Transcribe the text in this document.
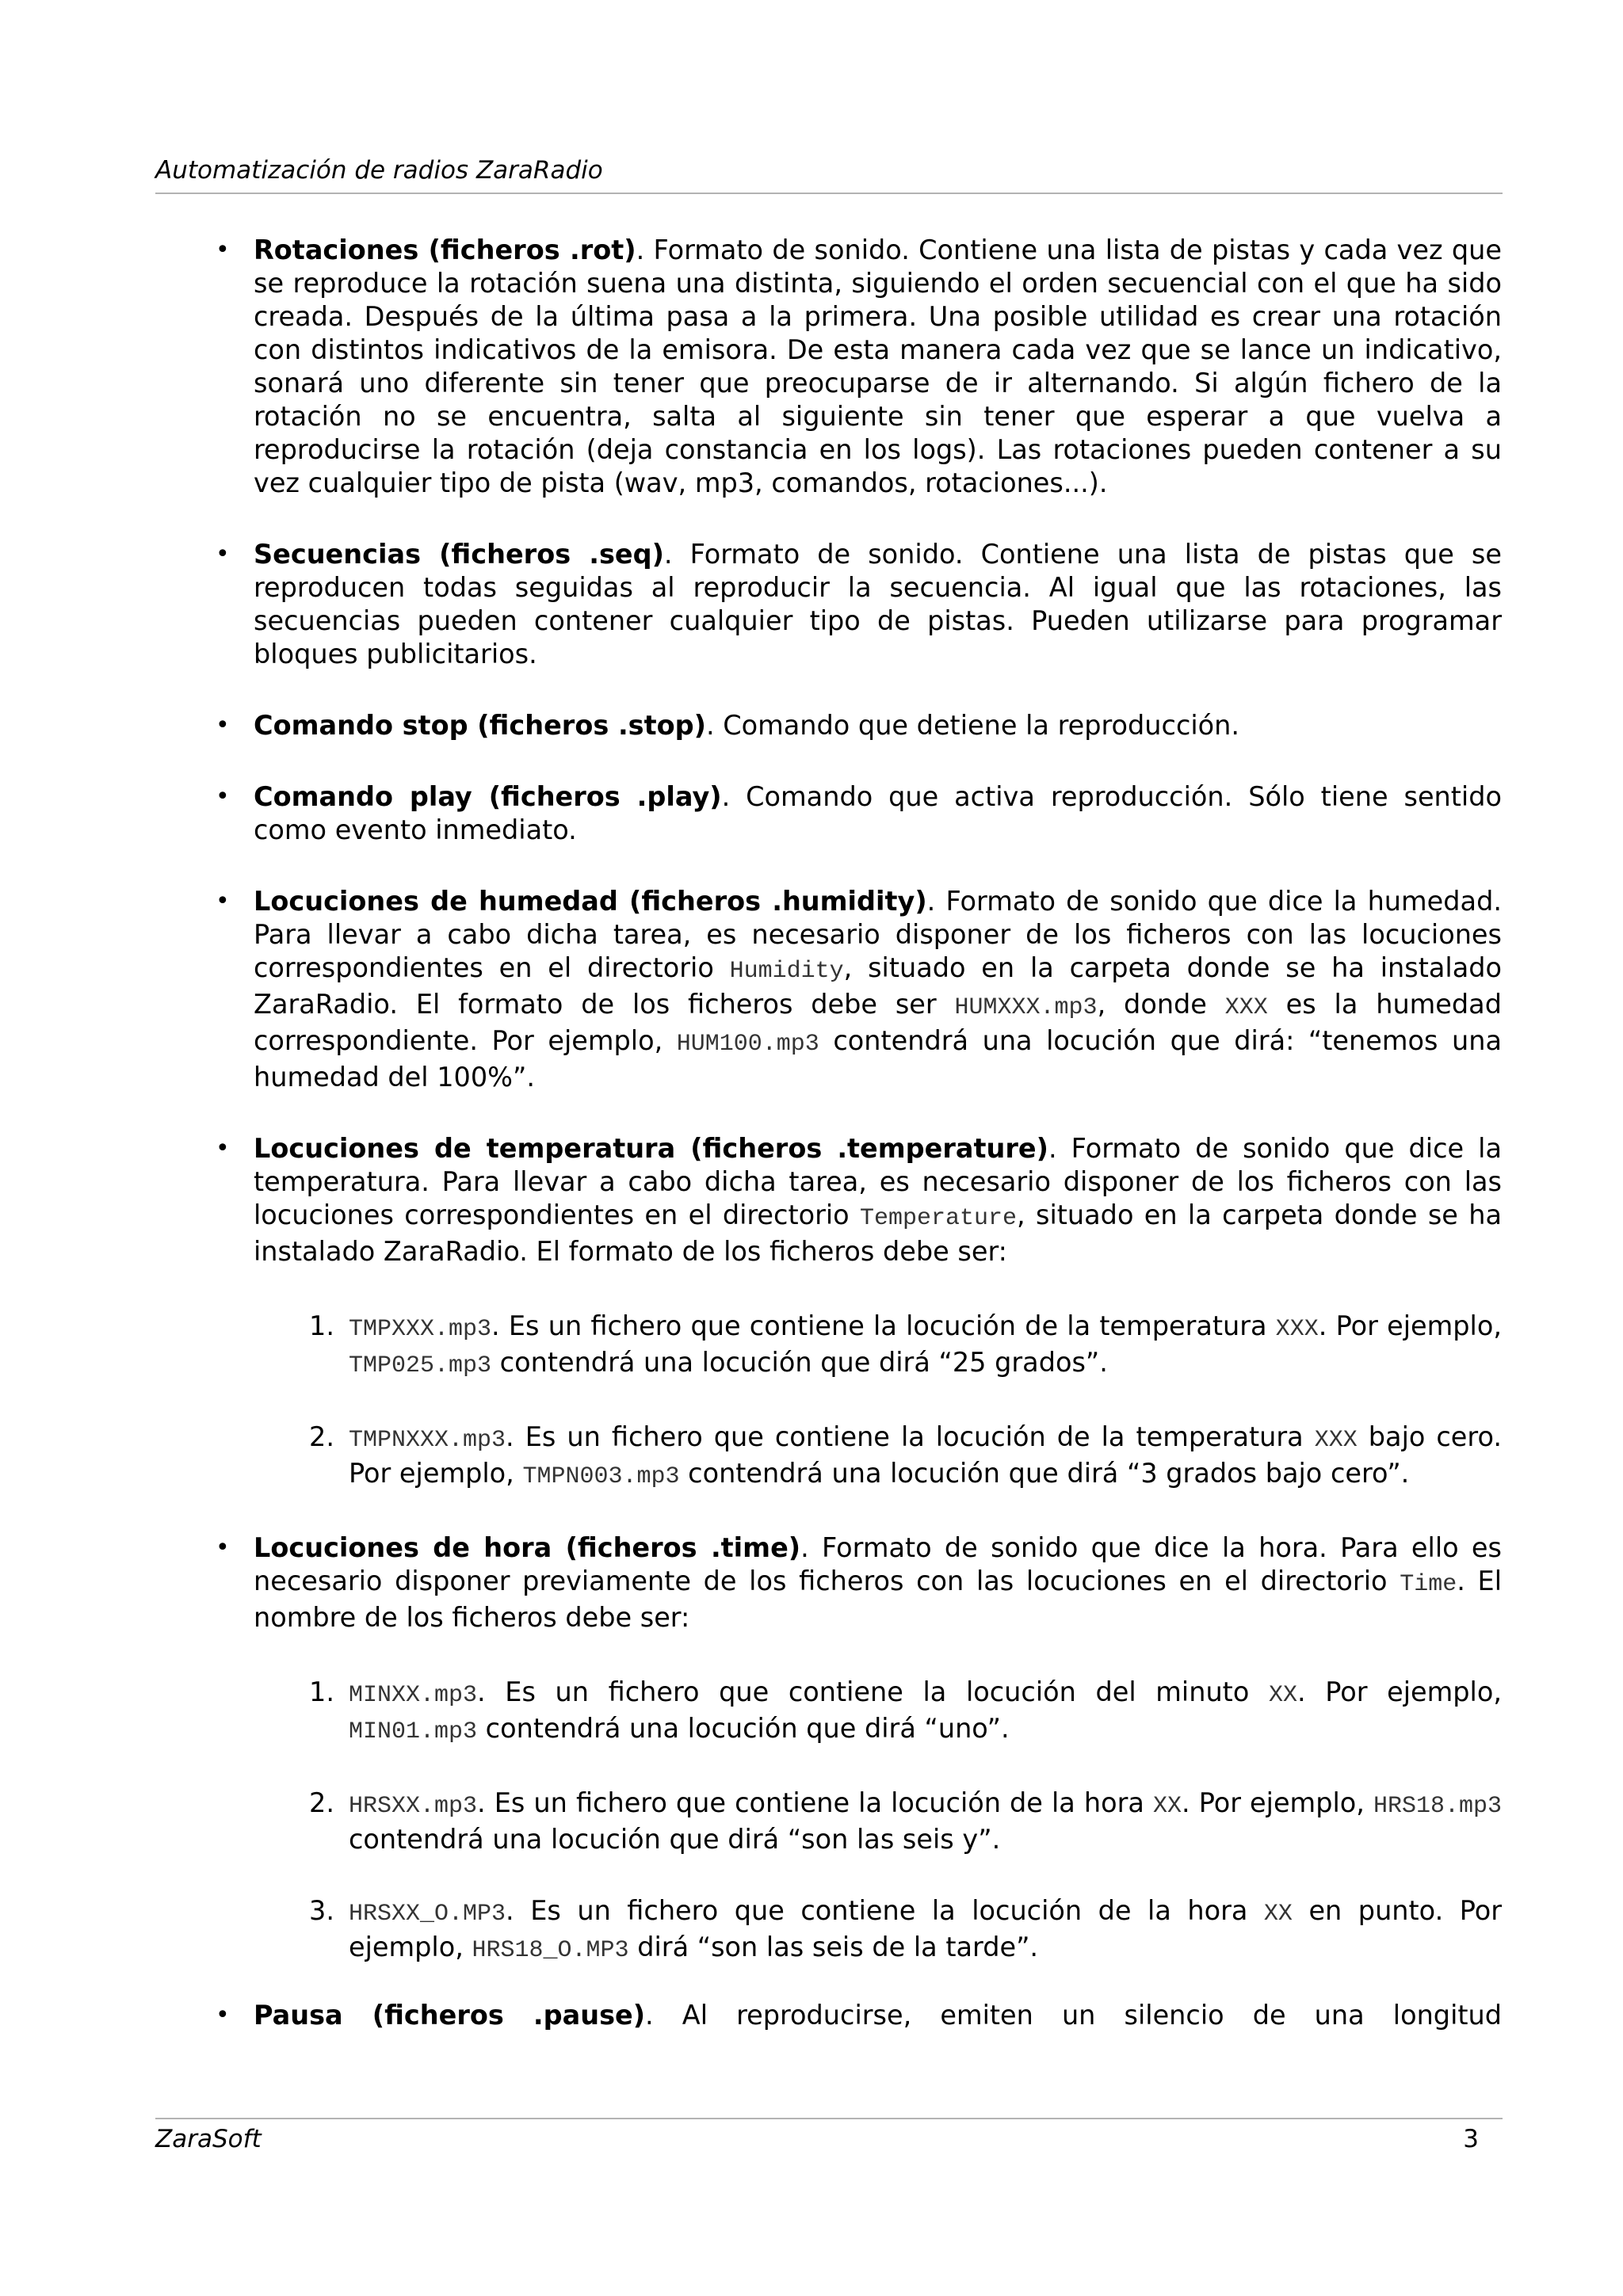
Automatización de radios ZaraRadio
• Rotaciones (ficheros .rot). Formato de sonido. Contiene una lista de pistas y cada vez que se reproduce la rotación suena una distinta, siguiendo el orden secuencial con el que ha sido creada. Después de la última pasa a la primera. Una posible utilidad es crear una rotación con distintos indicativos de la emisora. De esta manera cada vez que se lance un indicativo, sonará uno diferente sin tener que preocuparse de ir alternando. Si algún fichero de la rotación no se encuentra, salta al siguiente sin tener que esperar a que vuelva a reproducirse la rotación (deja constancia en los logs). Las rotaciones pueden contener a su vez cualquier tipo de pista (wav, mp3, comandos, rotaciones...).
• Secuencias (ficheros .seq). Formato de sonido. Contiene una lista de pistas que se reproducen todas seguidas al reproducir la secuencia. Al igual que las rotaciones, las secuencias pueden contener cualquier tipo de pistas. Pueden utilizarse para programar bloques publicitarios.
• Comando stop (ficheros .stop). Comando que detiene la reproducción.
• Comando play (ficheros .play). Comando que activa reproducción. Sólo tiene sentido como evento inmediato.
• Locuciones de humedad (ficheros .humidity). Formato de sonido que dice la humedad. Para llevar a cabo dicha tarea, es necesario disponer de los ficheros con las locuciones correspondientes en el directorio Humidity, situado en la carpeta donde se ha instalado ZaraRadio. El formato de los ficheros debe ser HUMXXX.mp3, donde XXX es la humedad correspondiente. Por ejemplo, HUM100.mp3 contendrá una locución que dirá: “tenemos una humedad del 100%”.
• Locuciones de temperatura (ficheros .temperature). Formato de sonido que dice la temperatura. Para llevar a cabo dicha tarea, es necesario disponer de los ficheros con las locuciones correspondientes en el directorio Temperature, situado en la carpeta donde se ha instalado ZaraRadio. El formato de los ficheros debe ser:
1. TMPXXX.mp3. Es un fichero que contiene la locución de la temperatura XXX. Por ejemplo, TMP025.mp3 contendrá una locución que dirá “25 grados”.
2. TMPNXXX.mp3. Es un fichero que contiene la locución de la temperatura XXX bajo cero. Por ejemplo, TMPN003.mp3 contendrá una locución que dirá “3 grados bajo cero”.
• Locuciones de hora (ficheros .time). Formato de sonido que dice la hora. Para ello es necesario disponer previamente de los ficheros con las locuciones en el directorio Time. El nombre de los ficheros debe ser:
1. MINXX.mp3. Es un fichero que contiene la locución del minuto XX. Por ejemplo, MIN01.mp3 contendrá una locución que dirá “uno”.
2. HRSXX.mp3. Es un fichero que contiene la locución de la hora XX. Por ejemplo, HRS18.mp3 contendrá una locución que dirá “son las seis y”.
3. HRSXX_O.MP3. Es un fichero que contiene la locución de la hora XX en punto. Por ejemplo, HRS18_O.MP3 dirá “son las seis de la tarde”.
• Pausa (ficheros .pause). Al reproducirse, emiten un silencio de una longitud
ZaraSoft	3
